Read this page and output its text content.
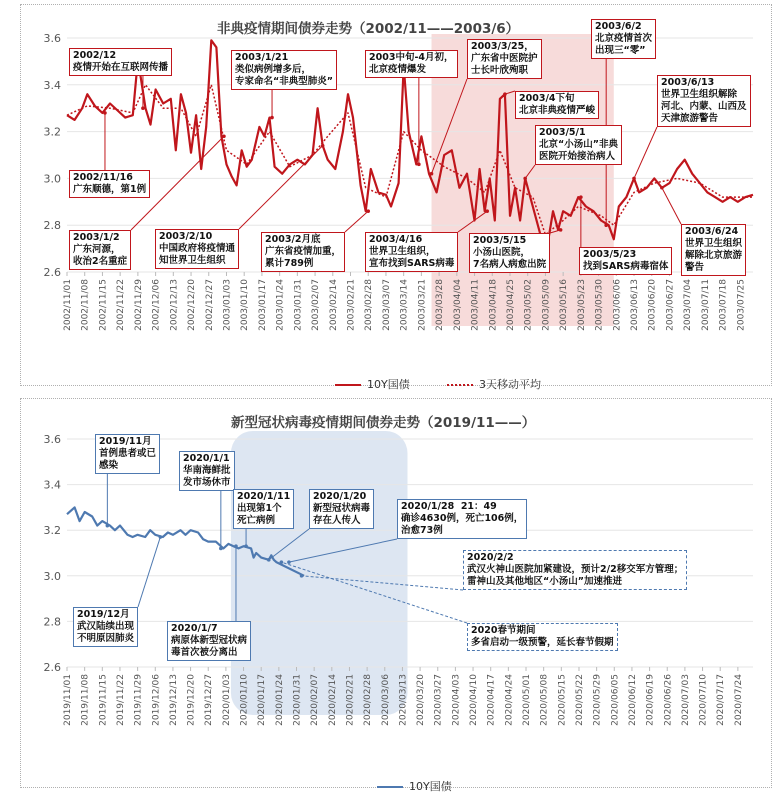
2.6
2.8
3.0
3.2
3.4
3.6
2002/11/01 2002/11/08 2002/11/15 2002/11/22 2002/11/29 2002/12/06 2002/12/13 2002/12/20 2002/12/27 2003/01/03 2003/01/10 2003/01/17 2003/01/24 2003/01/31 2003/02/07 2003/02/14 2003/02/21 2003/02/28 2003/03/07 2003/03/14 2003/03/21 2003/03/28 2003/04/04 2003/04/11 2003/04/18 2003/04/25 2003/05/02 2003/05/09 2003/05/16 2003/05/23 2003/05/30 2003/06/06 2003/06/13 2003/06/20 2003/06/27 2003/07/04 2003/07/11 2003/07/18 2003/07/25
非典疫情期间债券走势（2002/11——2003/6）
2002/12
疫情开始在互联网传播
2002/11/16
广东顺德，第1例
2003/1/2
广东河源，
收治2名重症
2003/1/21
类似病例增多后，
专家命名“非典型肺炎”
2003/2/10
中国政府将疫情通
知世界卫生组织
2003/2月底
广东省疫情加重，
累计789例
2003中旬-4月初，
北京疫情爆发
2003/3/25，
广东省中医院护
士长叶欣殉职
2003/4/16
世界卫生组织，
宣布找到SARS病毒
2003/4下旬
北京非典疫情严峻
2003/5/1
北京“小汤山”非典
医院开始接治病人
2003/5/15
小汤山医院，
7名病人病愈出院
2003/5/23
找到SARS病毒宿体
2003/6/2
北京疫情首次
出现三“零”
2003/6/13
世界卫生组织解除
河北、内蒙、山西及
天津旅游警告
2003/6/24
世界卫生组织
解除北京旅游
警告

10Y国债
	3天移动平均

2.6
2.8
3.0
3.2
3.4
3.6
2019/11/01 2019/11/08 2019/11/15 2019/11/22 2019/11/29 2019/12/06 2019/12/13 2019/12/20 2019/12/27 2020/01/03 2020/01/10 2020/01/17 2020/01/24 2020/01/31 2020/02/07 2020/02/14 2020/02/21 2020/02/28 2020/03/06 2020/03/13 2020/03/20 2020/03/27 2020/04/03 2020/04/10 2020/04/17 2020/04/24 2020/05/01 2020/05/08 2020/05/15 2020/05/22 2020/05/29 2020/06/05 2020/06/12 2020/06/19 2020/06/26 2020/07/03 2020/07/10 2020/07/17 2020/07/24
新型冠状病毒疫情期间债券走势（2019/11——）
2019/11月
首例患者或已
感染
2019/12月
武汉陆续出现
不明原因肺炎
2020/1/1
华南海鲜批
发市场休市
2020/1/7
病原体新型冠状病
毒首次被分离出
2020/1/11
出现第1个
死亡病例
2020/1/20
新型冠状病毒
存在人传人
2020/1/28  21：49
确诊4630例，死亡106例，
治愈73例
2020/2/2
武汉火神山医院加紧建设，预计2/2移交军方管理；
雷神山及其他地区“小汤山”加速推进
2020春节期间
多省启动一级预警，延长春节假期

10Y国债
